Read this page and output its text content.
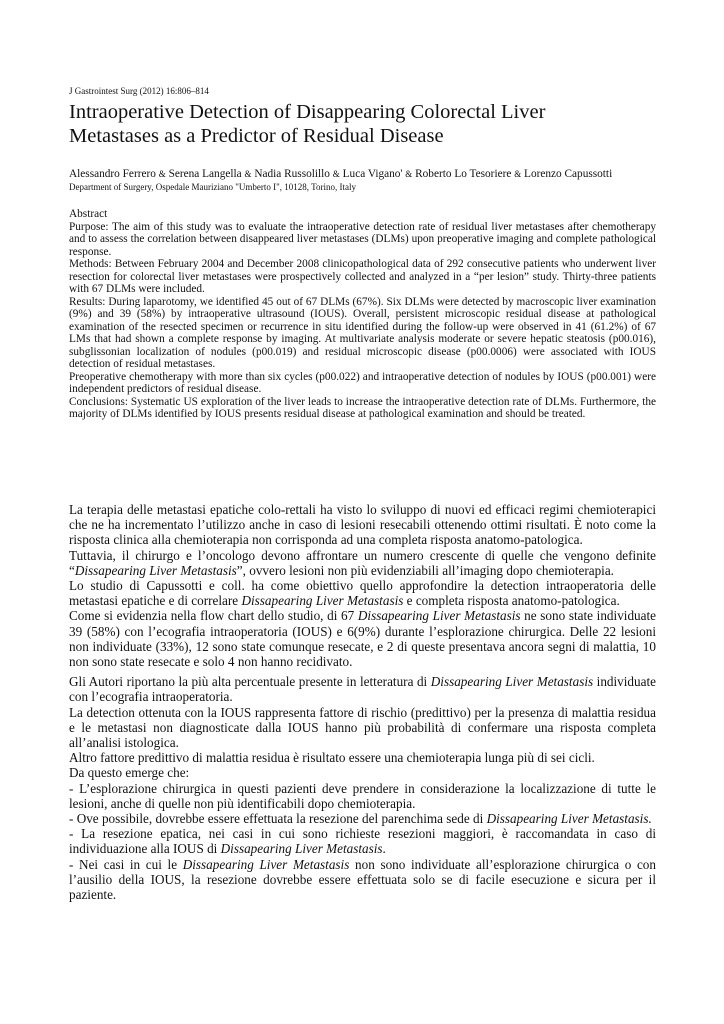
J Gastrointest Surg (2012) 16:806–814

Intraoperative Detection of Disappearing Colorectal Liver
Metastases as a Predictor of Residual Disease

Alessandro Ferrero & Serena Langella & Nadia Russolillo & Luca Vigano' & Roberto Lo Tesoriere & Lorenzo Capussotti

Department of Surgery, Ospedale Mauriziano "Umberto I", 10128, Torino, Italy

Abstract

Purpose: The aim of this study was to evaluate the intraoperative detection rate of residual liver metastases after chemotherapy and to assess the correlation between disappeared liver metastases (DLMs) upon preoperative imaging and complete pathological response.

Methods: Between February 2004 and December 2008 clinicopathological data of 292 consecutive patients who underwent liver resection for colorectal liver metastases were prospectively collected and analyzed in a “per lesion” study. Thirty-three patients with 67 DLMs were included.

Results: During laparotomy, we identified 45 out of 67 DLMs (67%). Six DLMs were detected by macroscopic liver examination (9%) and 39 (58%) by intraoperative ultrasound (IOUS). Overall, persistent microscopic residual disease at pathological examination of the resected specimen or recurrence in situ identified during the follow-up were observed in 41 (61.2%) of 67 LMs that had shown a complete response by imaging. At multivariate analysis moderate or severe hepatic steatosis (p00.016), subglissonian localization of nodules (p00.019) and residual microscopic disease (p00.0006) were associated with IOUS detection of residual metastases.

Preoperative chemotherapy with more than six cycles (p00.022) and intraoperative detection of nodules by IOUS (p00.001) were independent predictors of residual disease.

Conclusions: Systematic US exploration of the liver leads to increase the intraoperative detection rate of DLMs. Furthermore, the majority of DLMs identified by IOUS presents residual disease at pathological examination and should be treated.

La terapia delle metastasi epatiche colo-rettali ha visto lo sviluppo di nuovi ed efficaci regimi chemioterapici che ne ha incrementato l’utilizzo anche in caso di lesioni resecabili ottenendo ottimi risultati. È noto come la risposta clinica alla chemioterapia non corrisponda ad una completa risposta anatomo-patologica.

Tuttavia, il chirurgo e l’oncologo devono affrontare un numero crescente di quelle che vengono definite “Dissapearing Liver Metastasis”, ovvero lesioni non più evidenziabili all’imaging dopo chemioterapia.

Lo studio di Capussotti e coll. ha come obiettivo quello approfondire la detection intraoperatoria delle metastasi epatiche e di correlare Dissapearing Liver Metastasis e completa risposta anatomo-patologica.

Come si evidenzia nella flow chart dello studio, di 67 Dissapearing Liver Metastasis ne sono state individuate 39 (58%) con l’ecografia intraoperatoria (IOUS) e 6(9%) durante l’esplorazione chirurgica. Delle 22 lesioni non individuate (33%), 12 sono state comunque resecate, e 2 di queste presentava ancora segni di malattia, 10 non sono state resecate e solo 4 non hanno recidivato.

Gli Autori riportano la più alta percentuale presente in letteratura di Dissapearing Liver Metastasis individuate con l’ecografia intraoperatoria.

La detection ottenuta con la IOUS rappresenta fattore di rischio (predittivo) per la presenza di malattia residua e le metastasi non diagnosticate dalla IOUS hanno più probabilità di confermare una risposta completa all’analisi istologica.

Altro fattore predittivo di malattia residua è risultato essere una chemioterapia lunga più di sei cicli.

Da questo emerge che:

- L’esplorazione chirurgica in questi pazienti deve prendere in considerazione la localizzazione di tutte le lesioni, anche di quelle non più identificabili dopo chemioterapia.

- Ove possibile, dovrebbe essere effettuata la resezione del parenchima sede di Dissapearing Liver Metastasis.

- La resezione epatica, nei casi in cui sono richieste resezioni maggiori, è raccomandata in caso di individuazione alla IOUS di Dissapearing Liver Metastasis.

- Nei casi in cui le Dissapearing Liver Metastasis non sono individuate all’esplorazione chirurgica o con l’ausilio della IOUS, la resezione dovrebbe essere effettuata solo se di facile esecuzione e sicura per il paziente.
